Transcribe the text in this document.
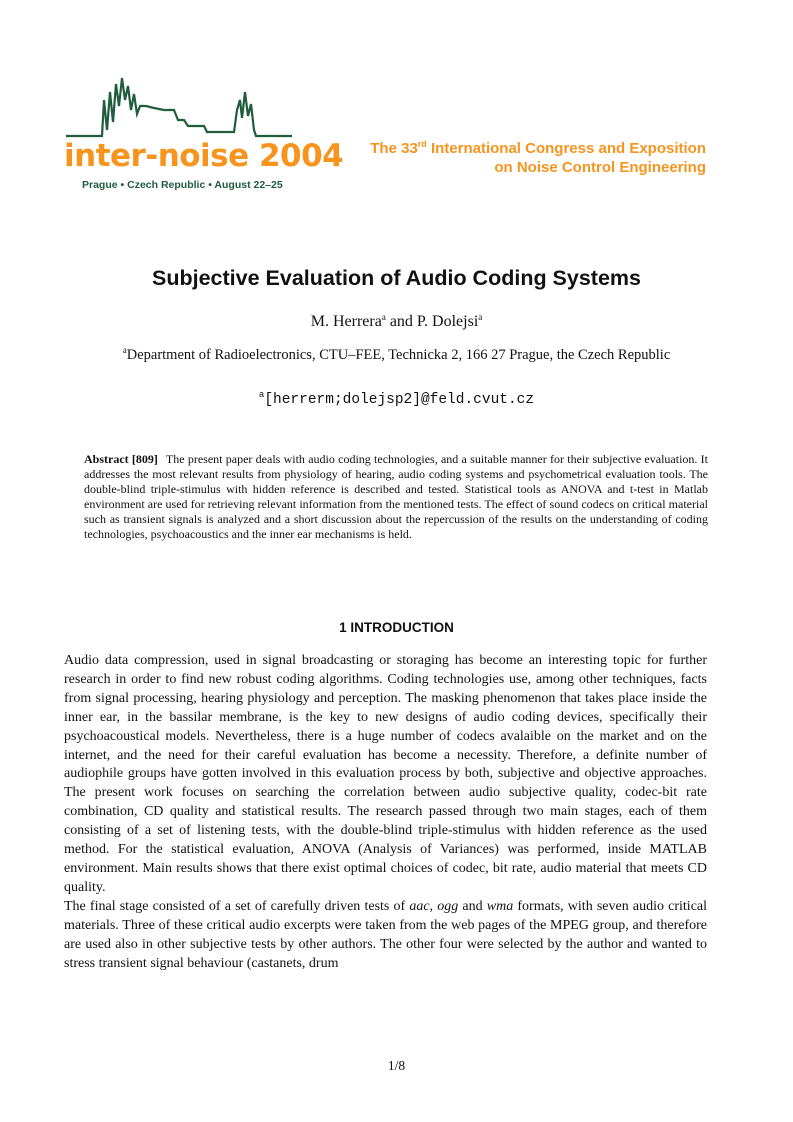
inter-noise 2004
Prague • Czech Republic • August 22–25
The 33rd International Congress and Exposition
on Noise Control Engineering
Subjective Evaluation of Audio Coding Systems
M. Herrera$^a$ and P. Dolejsi$^a$
$^a$Department of Radioelectronics, CTU–FEE, Technicka 2, 166 27 Prague, the Czech Republic
$^a$[herrerm;dolejsp2]@feld.cvut.cz
Abstract [809] The present paper deals with audio coding technologies, and a suitable manner for their subjective evaluation. It addresses the most relevant results from physiology of hearing, audio coding systems and psychometrical evaluation tools. The double-blind triple-stimulus with hidden reference is described and tested. Statistical tools as ANOVA and t-test in Matlab environment are used for retrieving relevant information from the mentioned tests. The effect of sound codecs on critical material such as transient signals is analyzed and a short discussion about the repercussion of the results on the understanding of coding technologies, psychoacoustics and the inner ear mechanisms is held.
1 INTRODUCTION

Audio data compression, used in signal broadcasting or storaging has become an interesting topic for further research in order to find new robust coding algorithms. Coding technologies use, among other techniques, facts from signal processing, hearing physiology and perception. The masking phenomenon that takes place inside the inner ear, in the bassilar membrane, is the key to new designs of audio coding devices, specifically their psychoacoustical models. Nevertheless, there is a huge number of codecs avalaible on the market and on the internet, and the need for their careful evaluation has become a necessity. Therefore, a definite number of audiophile groups have gotten involved in this evaluation process by both, subjective and objective approaches. The present work focuses on searching the correlation between audio subjective quality, codec-bit rate combination, CD quality and statistical results. The research passed through two main stages, each of them consisting of a set of listening tests, with the double-blind triple-stimulus with hidden reference as the used method. For the statistical evaluation, ANOVA (Analysis of Variances) was performed, inside MATLAB environment. Main results shows that there exist optimal choices of codec, bit rate, audio material that meets CD quality.

The final stage consisted of a set of carefully driven tests of aac, ogg and wma formats, with seven audio critical materials. Three of these critical audio excerpts were taken from the web pages of the MPEG group, and therefore are used also in other subjective tests by other authors. The other four were selected by the author and wanted to stress transient signal behaviour (castanets, drum

1/8
